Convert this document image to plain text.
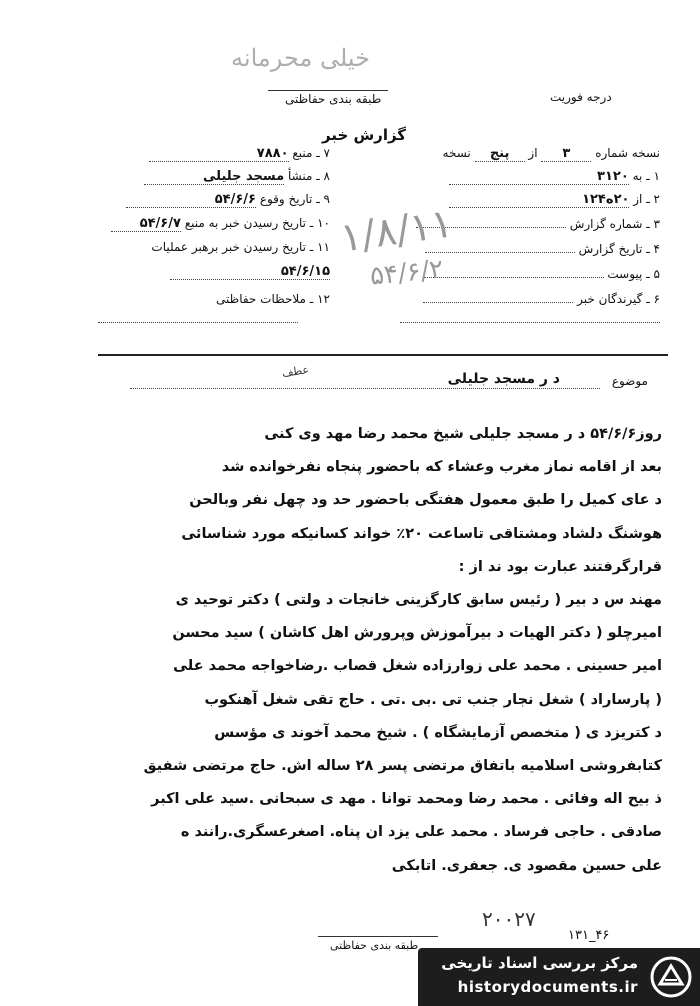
خیلی محرمانه
طبقه بندی حفاظتی	درجه فوریت
گزارش خبر
نسخه شماره ۳ از پنج نسخه
۱ ـ به ۳۱۲۰
۲ ـ از ۲۰ه۱۲۴
۳ ـ شماره گزارش
۴ ـ تاریخ گزارش
۵ ـ پیوست
۶ ـ گیرندگان خبر
۷ ـ منبع ۷۸۸۰
۸ ـ منشأ مسجد جلیلی
۹ ـ تاریخ وقوع ۵۴/۶/۶
۱۰ ـ تاریخ رسیدن خبر به منبع ۵۴/۶/۷
۱۱ ـ تاریخ رسیدن خبر برهبر عملیات
۵۴/۶/۱۵
۱۲ ـ ملاحظات حفاظتی
۱/۸/۱۱
۵۴/۶/۲
موضوع
د ر مسجد جلیلی
عطف

روز۵۴/۶/۶ د ر مسجد جلیلی شیخ محمد رضا مهد وی کنی

بعد از اقامه نماز مغرب وعشاء که باحضور پنجاه نفرخوانده شد

د عای کمیل را طبق معمول هفتگی باحضور حد ود چهل نفر وبالحن

هوشنگ دلشاد ومشتاقی تاساعت ۲۰٪ خواند کسانیکه مورد شناسائی

قرارگرفتند عبارت بود ند از :

مهند س د بیر ( رئیس سابق کارگزینی خانجات د ولتی ) دکتر توحید ی

امیرچلو ( دکتر الهیات د بیرآموزش وپرورش اهل کاشان ) سید محسن

امیر حسینی . محمد علی زوارزاده شغل قصاب .رضاخواجه محمد علی

( پارساراد ) شغل نجار جنب تی .بی .تی . حاج تقی شغل آهنکوب

د کتریزد ی ( متخصص آزمایشگاه ) . شیخ محمد آخوند ی مؤسس

کتابفروشی اسلامیه باتفاق مرتضی پسر ۲۸ ساله اش. حاج مرتضی شفیق

ذ بیح اله وفائی . محمد رضا ومحمد توانا . مهد ی سبحانی .سید علی اکبر

صادقی . حاجی فرساد . محمد علی یزد ان پناه. اصغرعسگری.رانند ه

علی حسین مقصود ی. جعفری. اتابکی

۲۰۰۲۷
۱۳۱_۴۶
طبقه بندی حفاظتی
مرکز بررسی اسناد تاریخی
historydocuments.ir
